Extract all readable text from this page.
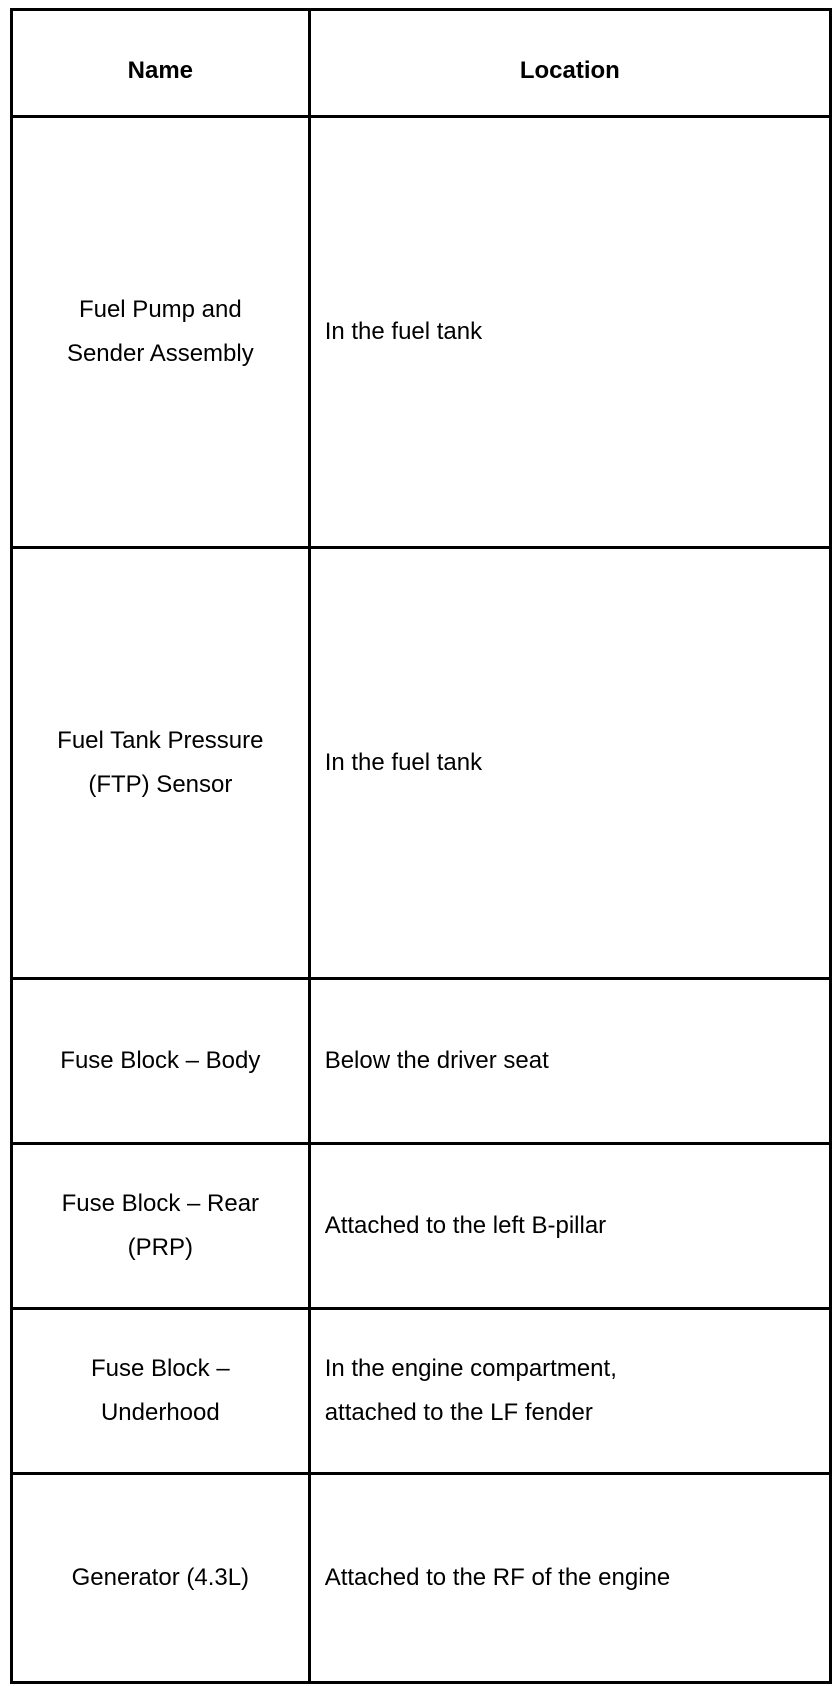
Name	Location

Fuel Pump and
Sender Assembly	In the fuel tank

Fuel Tank Pressure
(FTP) Sensor	In the fuel tank

Fuse Block – Body	Below the driver seat

Fuse Block – Rear
(PRP)	Attached to the left B-pillar

Fuse Block –
Underhood	In the engine compartment,
attached to the LF fender

Generator (4.3L)	Attached to the RF of the engine
